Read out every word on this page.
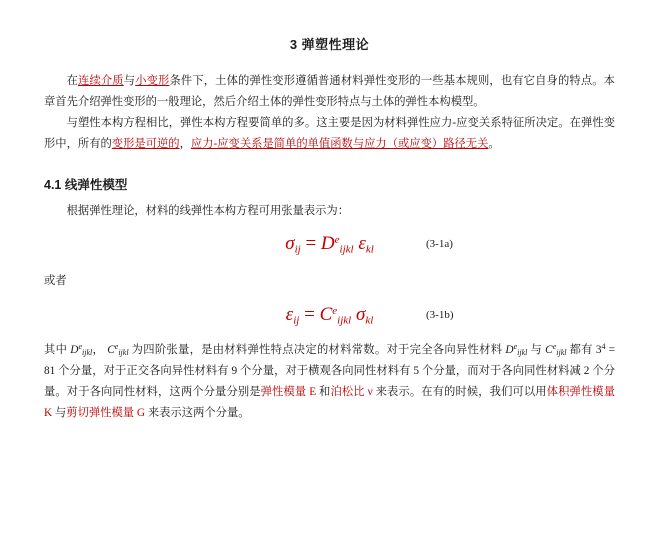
3 弹塑性理论

在连续介质与小变形条件下，土体的弹性变形遵循普通材料弹性变形的一些基本规则，也有它自身的特点。本章首先介绍弹性变形的一般理论，然后介绍土体的弹性变形特点与土体的弹性本构模型。

与塑性本构方程相比，弹性本构方程要简单的多。这主要是因为材料弹性应力-应变关系特征所决定。在弹性变形中，所有的变形是可逆的，应力-应变关系是简单的单值函数与应力（或应变）路径无关。

4.1 线弹性模型

根据弹性理论，材料的线弹性本构方程可用张量表示为：

$\sigma_{ij} = D^e_{ijkl}$ $\varepsilon_{kl}$	(3-1a)

或者

$\varepsilon_{ij} = C^e_{ijkl}$ $\sigma_{kl}$	(3-1b)

其中 $D^e_{ijkl}$， $C^e_{ijkl}$ 为四阶张量，是由材料弹性特点决定的材料常数。对于完全各向异性材料 $D^e_{ijkl}$ 与 $C^e_{ijkl}$ 都有 $3^4 = 81$ 个分量，对于正交各向异性材料有 9 个分量，对于横观各向同性材料有 5 个分量，而对于各向同性材料减 2 个分量。对于各向同性材料，这两个分量分别是弹性模量 E 和泊松比 ν 来表示。在有的时候，我们可以用体积弹性模量 K 与剪切弹性模量 G 来表示这两个分量。
